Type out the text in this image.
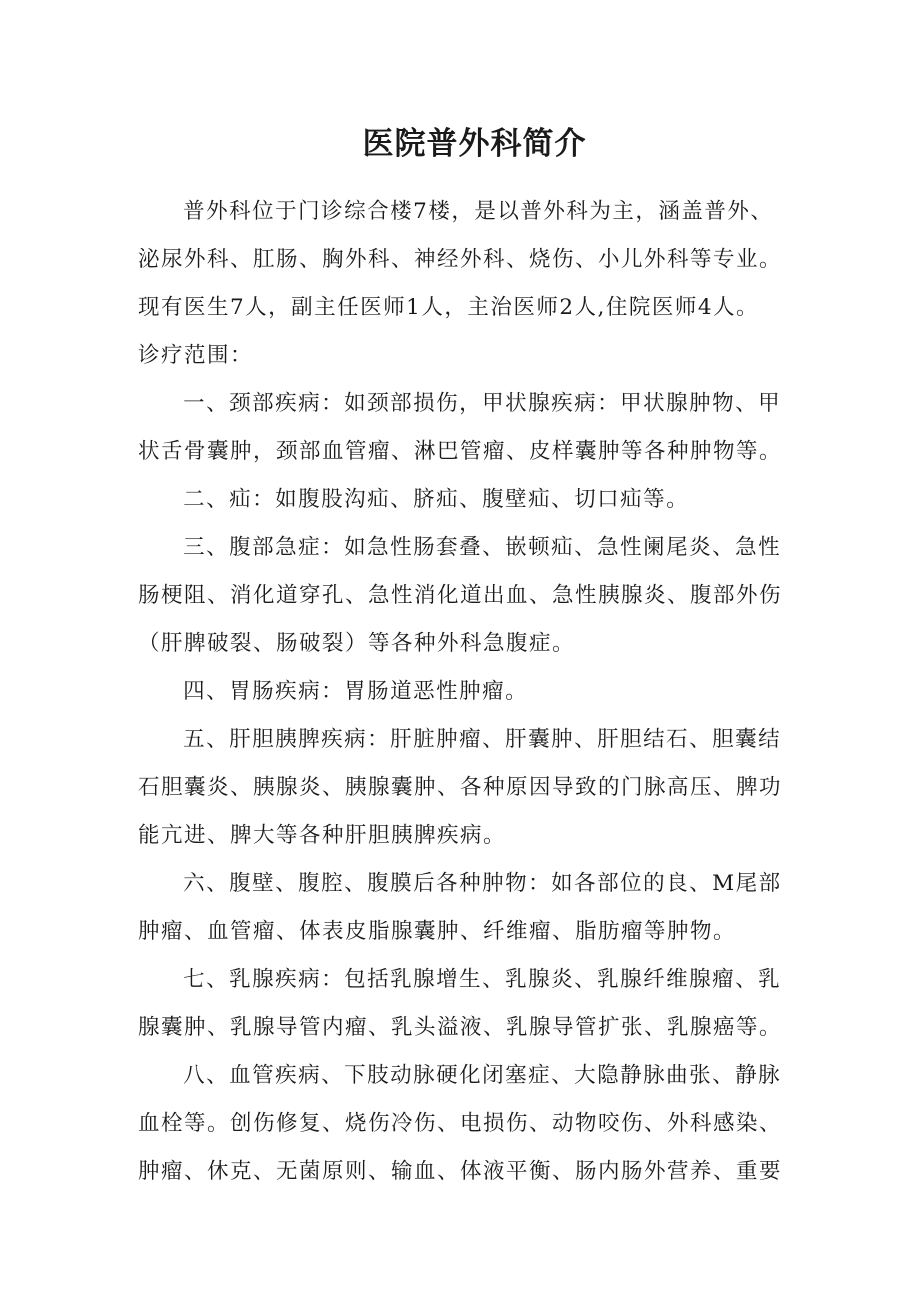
医院普外科简介
普外科位于门诊综合楼7楼，是以普外科为主，涵盖普外、
泌尿外科、肛肠、胸外科、神经外科、烧伤、小儿外科等专业。
现有医生7人，副主任医师1人，主治医师2人,住院医师4人。
诊疗范围：
一、颈部疾病：如颈部损伤，甲状腺疾病：甲状腺肿物、甲
状舌骨囊肿，颈部血管瘤、淋巴管瘤、皮样囊肿等各种肿物等。
二、疝：如腹股沟疝、脐疝、腹壁疝、切口疝等。
三、腹部急症：如急性肠套叠、嵌顿疝、急性阑尾炎、急性
肠梗阻、消化道穿孔、急性消化道出血、急性胰腺炎、腹部外伤
（肝脾破裂、肠破裂）等各种外科急腹症。
四、胃肠疾病：胃肠道恶性肿瘤。
五、肝胆胰脾疾病：肝脏肿瘤、肝囊肿、肝胆结石、胆囊结
石胆囊炎、胰腺炎、胰腺囊肿、各种原因导致的门脉高压、脾功
能亢进、脾大等各种肝胆胰脾疾病。
六、腹壁、腹腔、腹膜后各种肿物：如各部位的良、M尾部
肿瘤、血管瘤、体表皮脂腺囊肿、纤维瘤、脂肪瘤等肿物。
七、乳腺疾病：包括乳腺增生、乳腺炎、乳腺纤维腺瘤、乳
腺囊肿、乳腺导管内瘤、乳头溢液、乳腺导管扩张、乳腺癌等。
八、血管疾病、下肢动脉硬化闭塞症、大隐静脉曲张、静脉
血栓等。创伤修复、烧伤冷伤、电损伤、动物咬伤、外科感染、
肿瘤、休克、无菌原则、输血、体液平衡、肠内肠外营养、重要
